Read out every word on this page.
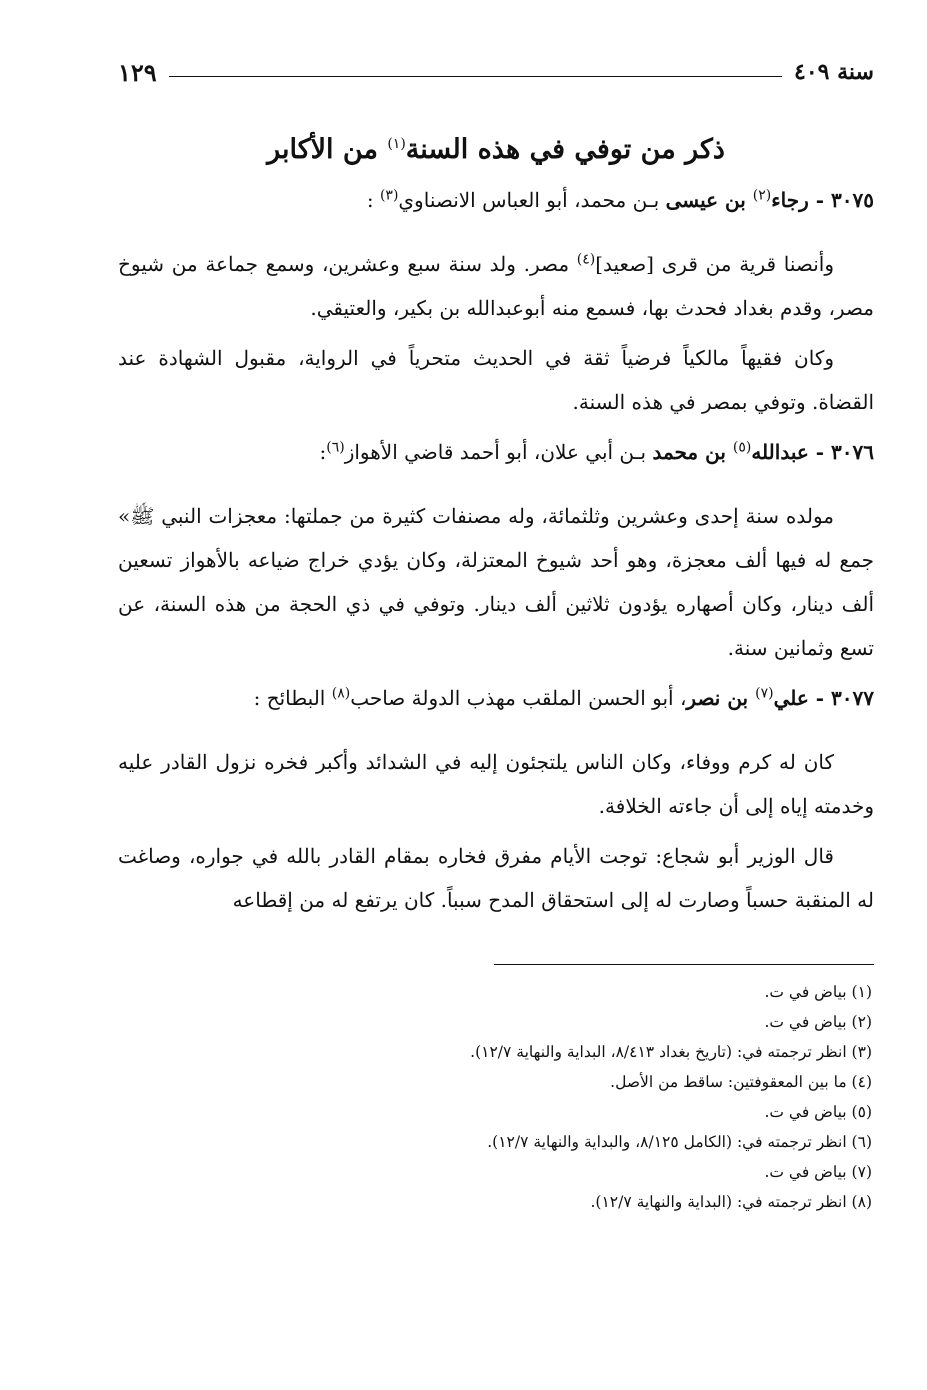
سنة ٤٠٩
١٢٩
ذكر من توفي في هذه السنة$^{(١)}$ من الأكابر

٣٠٧٥ - رجاء$^{(٢)}$ بن عيسى بـن محمد، أبو العباس الانصناوي$^{(٣)}$ :

وأنصنا قرية من قرى [صعيد]$^{(٤)}$ مصر. ولد سنة سبع وعشرين، وسمع جماعة من شيوخ مصر، وقدم بغداد فحدث بها، فسمع منه أبوعبدالله بن بكير، والعتيقي.

وكان فقيهاً مالكياً فرضياً ثقة في الحديث متحرياً في الرواية، مقبول الشهادة عند القضاة. وتوفي بمصر في هذه السنة.

٣٠٧٦ - عبدالله$^{(٥)}$ بن محمد بـن أبي علان، أبو أحمد قاضي الأهواز$^{(٦)}$:

مولده سنة إحدى وعشرين وثلثمائة، وله مصنفات كثيرة من جملتها: معجزات النبي ﷺ» جمع له فيها ألف معجزة، وهو أحد شيوخ المعتزلة، وكان يؤدي خراج ضياعه بالأهواز تسعين ألف دينار، وكان أصهاره يؤدون ثلاثين ألف دينار. وتوفي في ذي الحجة من هذه السنة، عن تسع وثمانين سنة.

٣٠٧٧ - علي$^{(٧)}$ بن نصر، أبو الحسن الملقب مهذب الدولة صاحب$^{(٨)}$ البطائح :

كان له كرم ووفاء، وكان الناس يلتجئون إليه في الشدائد وأكبر فخره نزول القادر عليه وخدمته إياه إلى أن جاءته الخلافة.

قال الوزير أبو شجاع: توجت الأيام مفرق فخاره بمقام القادر بالله في جواره، وصاغت له المنقبة حسباً وصارت له إلى استحقاق المدح سبباً. كان يرتفع له من إقطاعه

(١) بياض في ت.

(٢) بياض في ت.

(٣) انظر ترجمته في: (تاريخ بغداد ٨/٤١٣، البداية والنهاية ١٢/٧).

(٤) ما بين المعقوفتين: ساقط من الأصل.

(٥) بياض في ت.

(٦) انظر ترجمته في: (الكامل ٨/١٢٥، والبداية والنهاية ١٢/٧).

(٧) بياض في ت.

(٨) انظر ترجمته في: (البداية والنهاية ١٢/٧).
